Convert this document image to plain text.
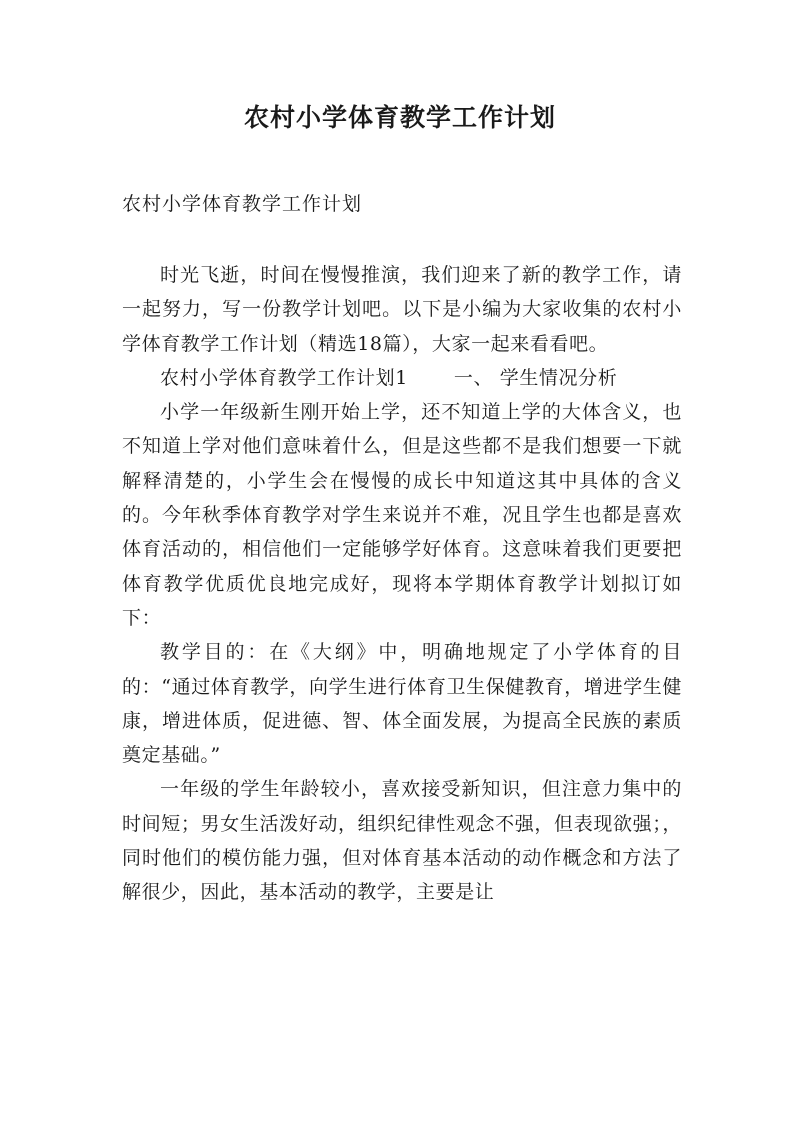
农村小学体育教学工作计划
农村小学体育教学工作计划

时光飞逝，时间在慢慢推演，我们迎来了新的教学工作，请一起努力，写一份教学计划吧。以下是小编为大家收集的农村小学体育教学工作计划（精选18篇），大家一起来看看吧。

农村小学体育教学工作计划1 一、 学生情况分析

小学一年级新生刚开始上学，还不知道上学的大体含义，也不知道上学对他们意味着什么，但是这些都不是我们想要一下就解释清楚的，小学生会在慢慢的成长中知道这其中具体的含义的。今年秋季体育教学对学生来说并不难，况且学生也都是喜欢体育活动的，相信他们一定能够学好体育。这意味着我们更要把体育教学优质优良地完成好，现将本学期体育教学计划拟订如下：

教学目的：在《大纲》中，明确地规定了小学体育的目的：“通过体育教学，向学生进行体育卫生保健教育，增进学生健康，增进体质，促进德、智、体全面发展，为提高全民族的素质奠定基础。”

一年级的学生年龄较小，喜欢接受新知识，但注意力集中的时间短；男女生活泼好动，组织纪律性观念不强，但表现欲强；，同时他们的模仿能力强，但对体育基本活动的动作概念和方法了解很少，因此，基本活动的教学，主要是让
